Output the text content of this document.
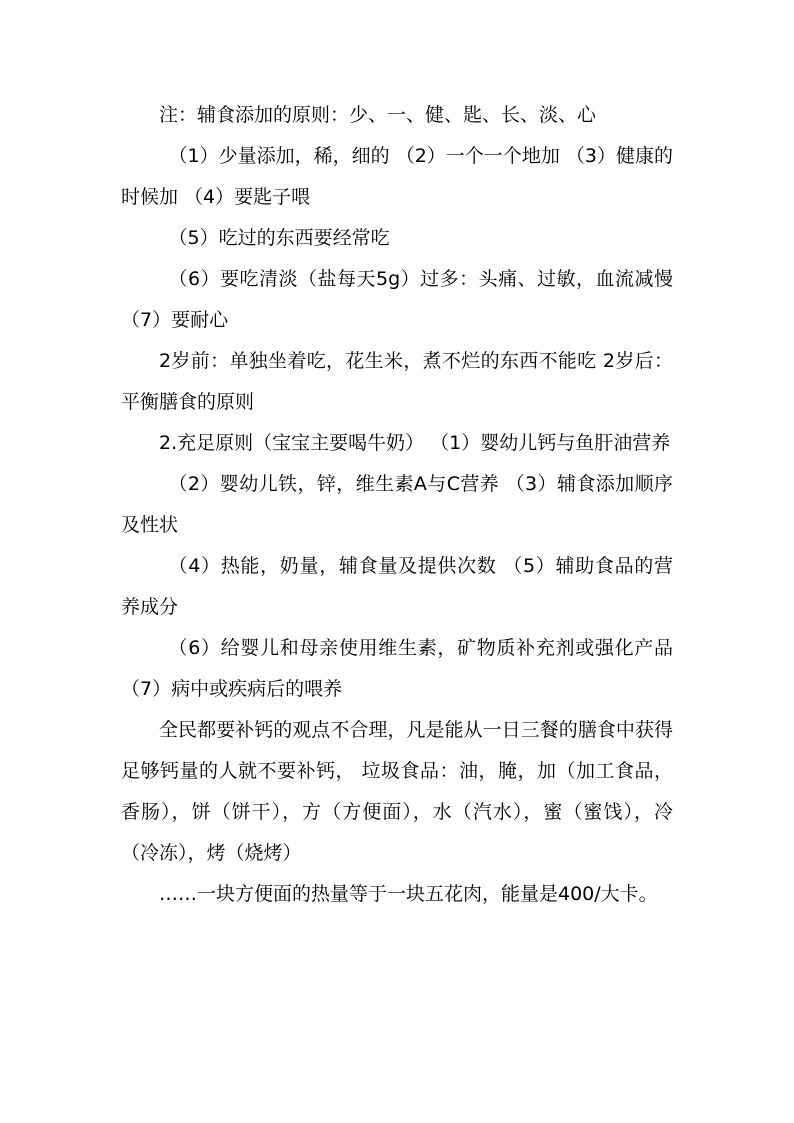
注：辅食添加的原则：少、一、健、匙、长、淡、心

（1）少量添加，稀，细的 （2）一个一个地加 （3）健康的时候加 （4）要匙子喂

（5）吃过的东西要经常吃

（6）要吃清淡（盐每天5g）过多：头痛、过敏，血流减慢 （7）要耐心

2岁前：单独坐着吃，花生米，煮不烂的东西不能吃 2岁后：平衡膳食的原则

2.充足原则（宝宝主要喝牛奶） （1）婴幼儿钙与鱼肝油营养

（2）婴幼儿铁，锌，维生素A与C营养 （3）辅食添加顺序及性状

（4）热能，奶量，辅食量及提供次数 （5）辅助食品的营养成分

（6）给婴儿和母亲使用维生素，矿物质补充剂或强化产品 （7）病中或疾病后的喂养

全民都要补钙的观点不合理，凡是能从一日三餐的膳食中获得足够钙量的人就不要补钙， 垃圾食品：油，腌，加（加工食品，香肠），饼（饼干），方（方便面），水（汽水），蜜（蜜饯），冷（冷冻），烤（烧烤）

……一块方便面的热量等于一块五花肉，能量是400/大卡。
